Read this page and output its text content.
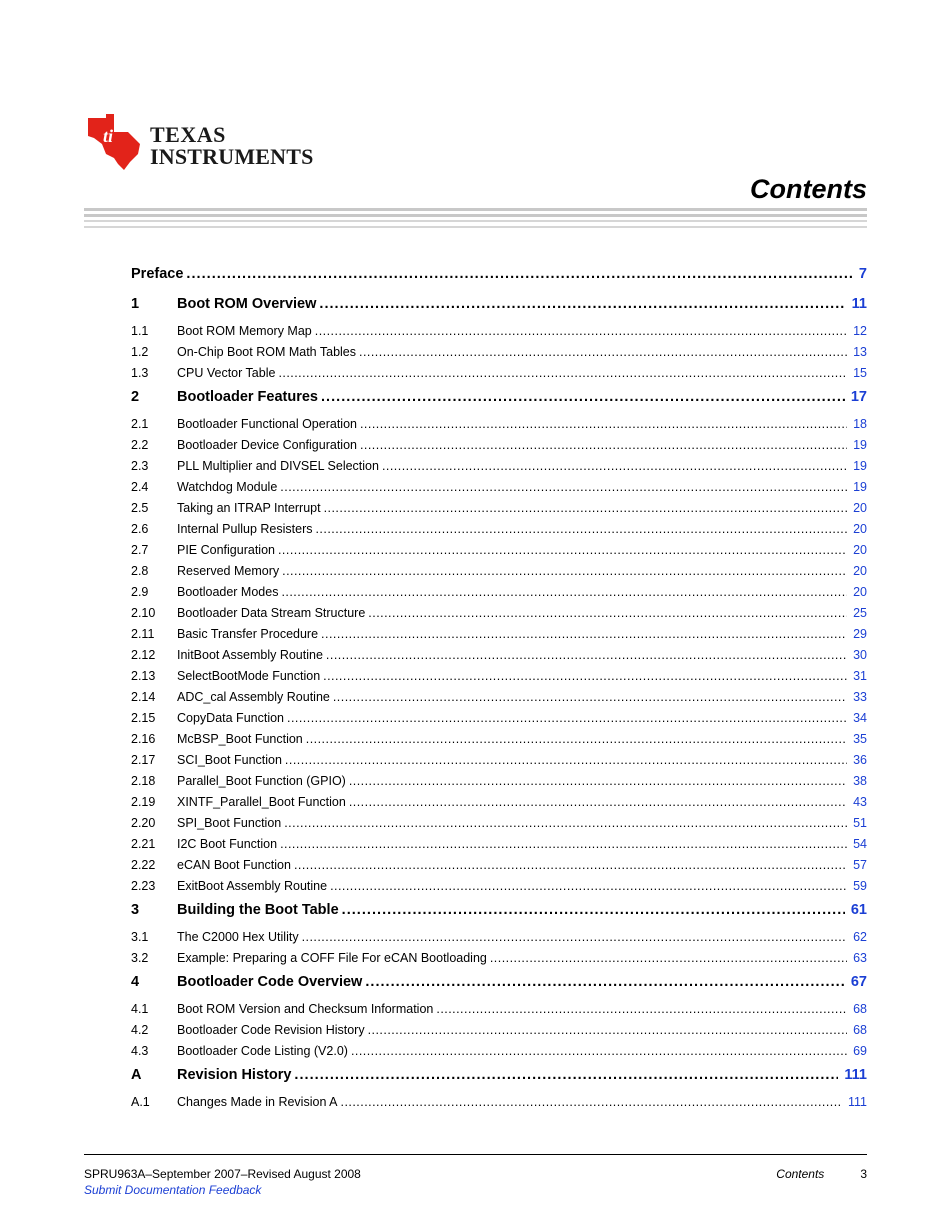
ti TEXAS
INSTRUMENTS
Contents
Preface . . .	7
1	Boot ROM Overview . . .	11
1.1	Boot ROM Memory Map . . .	12
1.2	On-Chip Boot ROM Math Tables . . .	13
1.3	CPU Vector Table . . .	15
2	Bootloader Features . . .	17
2.1	Bootloader Functional Operation . . .	18
2.2	Bootloader Device Configuration . . .	19
2.3	PLL Multiplier and DIVSEL Selection . . .	19
2.4	Watchdog Module . . .	19
2.5	Taking an ITRAP Interrupt . . .	20
2.6	Internal Pullup Resisters . . .	20
2.7	PIE Configuration . . .	20
2.8	Reserved Memory . . .	20
2.9	Bootloader Modes . . .	20
2.10	Bootloader Data Stream Structure . . .	25
2.11	Basic Transfer Procedure . . .	29
2.12	InitBoot Assembly Routine . . .	30
2.13	SelectBootMode Function . . .	31
2.14	ADC_cal Assembly Routine . . .	33
2.15	CopyData Function . . .	34
2.16	McBSP_Boot Function . . .	35
2.17	SCI_Boot Function . . .	36
2.18	Parallel_Boot Function (GPIO) . . .	38
2.19	XINTF_Parallel_Boot Function . . .	43
2.20	SPI_Boot Function . . .	51
2.21	I2C Boot Function . . .	54
2.22	eCAN Boot Function . . .	57
2.23	ExitBoot Assembly Routine . . .	59
3	Building the Boot Table . . .	61
3.1	The C2000 Hex Utility . . .	62
3.2	Example: Preparing a COFF File For eCAN Bootloading . . .	63
4	Bootloader Code Overview . . .	67
4.1	Boot ROM Version and Checksum Information . . .	68
4.2	Bootloader Code Revision History . . .	68
4.3	Bootloader Code Listing (V2.0) . . .	69
A	Revision History . . .	111
A.1	Changes Made in Revision A . . .	111
SPRU963A–September 2007–Revised August 2008	Contents	3
Submit Documentation Feedback
